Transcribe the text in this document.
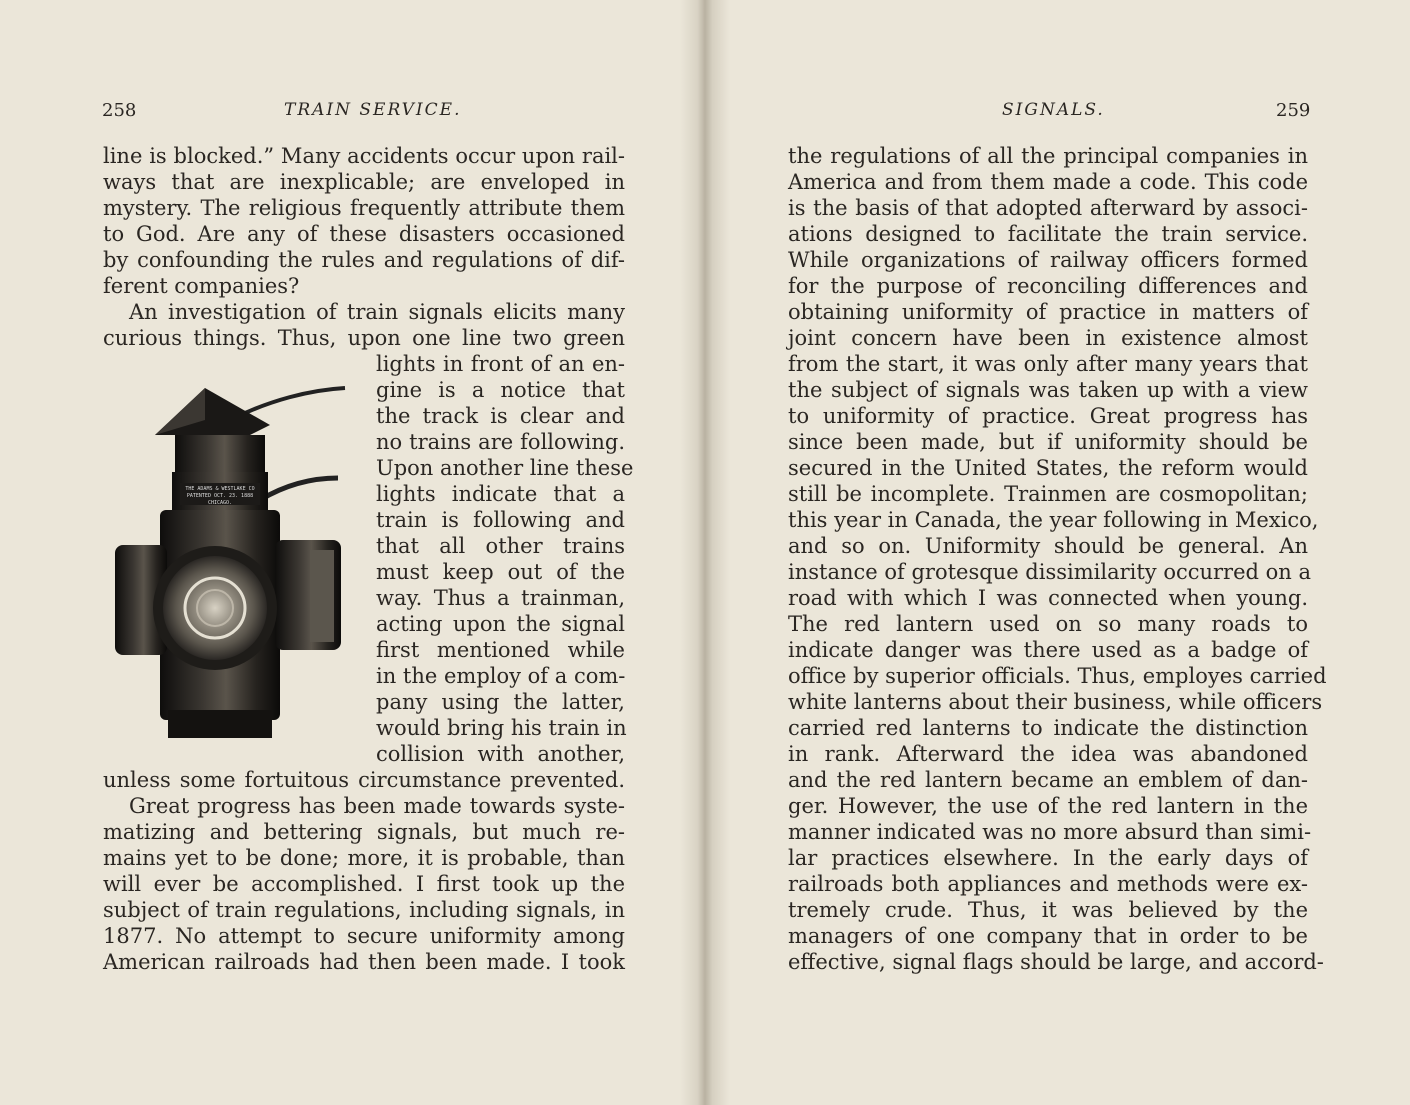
258	TRAIN SERVICE.
line is blocked.” Many accidents occur upon rail-
ways that are inexplicable; are enveloped in
mystery. The religious frequently attribute them
to God. Are any of these disasters occasioned
by confounding the rules and regulations of dif-
ferent companies?
An investigation of train signals elicits many
curious things. Thus, upon one line two green
lights in front of an en-
gine is a notice that
the track is clear and
no trains are following.
Upon another line these
lights indicate that a
train is following and
that all other trains
must keep out of the
way. Thus a trainman,
acting upon the signal
first mentioned while
in the employ of a com-
pany using the latter,
would bring his train in
collision with another,
THE ADAMS & WESTLAKE CO
PATENTED OCT. 23. 1888
CHICAGO.
unless some fortuitous circumstance prevented.
Great progress has been made towards syste-
matizing and bettering signals, but much re-
mains yet to be done; more, it is probable, than
will ever be accomplished. I first took up the
subject of train regulations, including signals, in
1877. No attempt to secure uniformity among
American railroads had then been made. I took
SIGNALS.	259
the regulations of all the principal companies in
America and from them made a code. This code
is the basis of that adopted afterward by associ-
ations designed to facilitate the train service.
While organizations of railway officers formed
for the purpose of reconciling differences and
obtaining uniformity of practice in matters of
joint concern have been in existence almost
from the start, it was only after many years that
the subject of signals was taken up with a view
to uniformity of practice. Great progress has
since been made, but if uniformity should be
secured in the United States, the reform would
still be incomplete. Trainmen are cosmopolitan;
this year in Canada, the year following in Mexico,
and so on. Uniformity should be general. An
instance of grotesque dissimilarity occurred on a
road with which I was connected when young.
The red lantern used on so many roads to
indicate danger was there used as a badge of
office by superior officials. Thus, employes carried
white lanterns about their business, while officers
carried red lanterns to indicate the distinction
in rank. Afterward the idea was abandoned
and the red lantern became an emblem of dan-
ger. However, the use of the red lantern in the
manner indicated was no more absurd than simi-
lar practices elsewhere. In the early days of
railroads both appliances and methods were ex-
tremely crude. Thus, it was believed by the
managers of one company that in order to be
effective, signal flags should be large, and accord-
